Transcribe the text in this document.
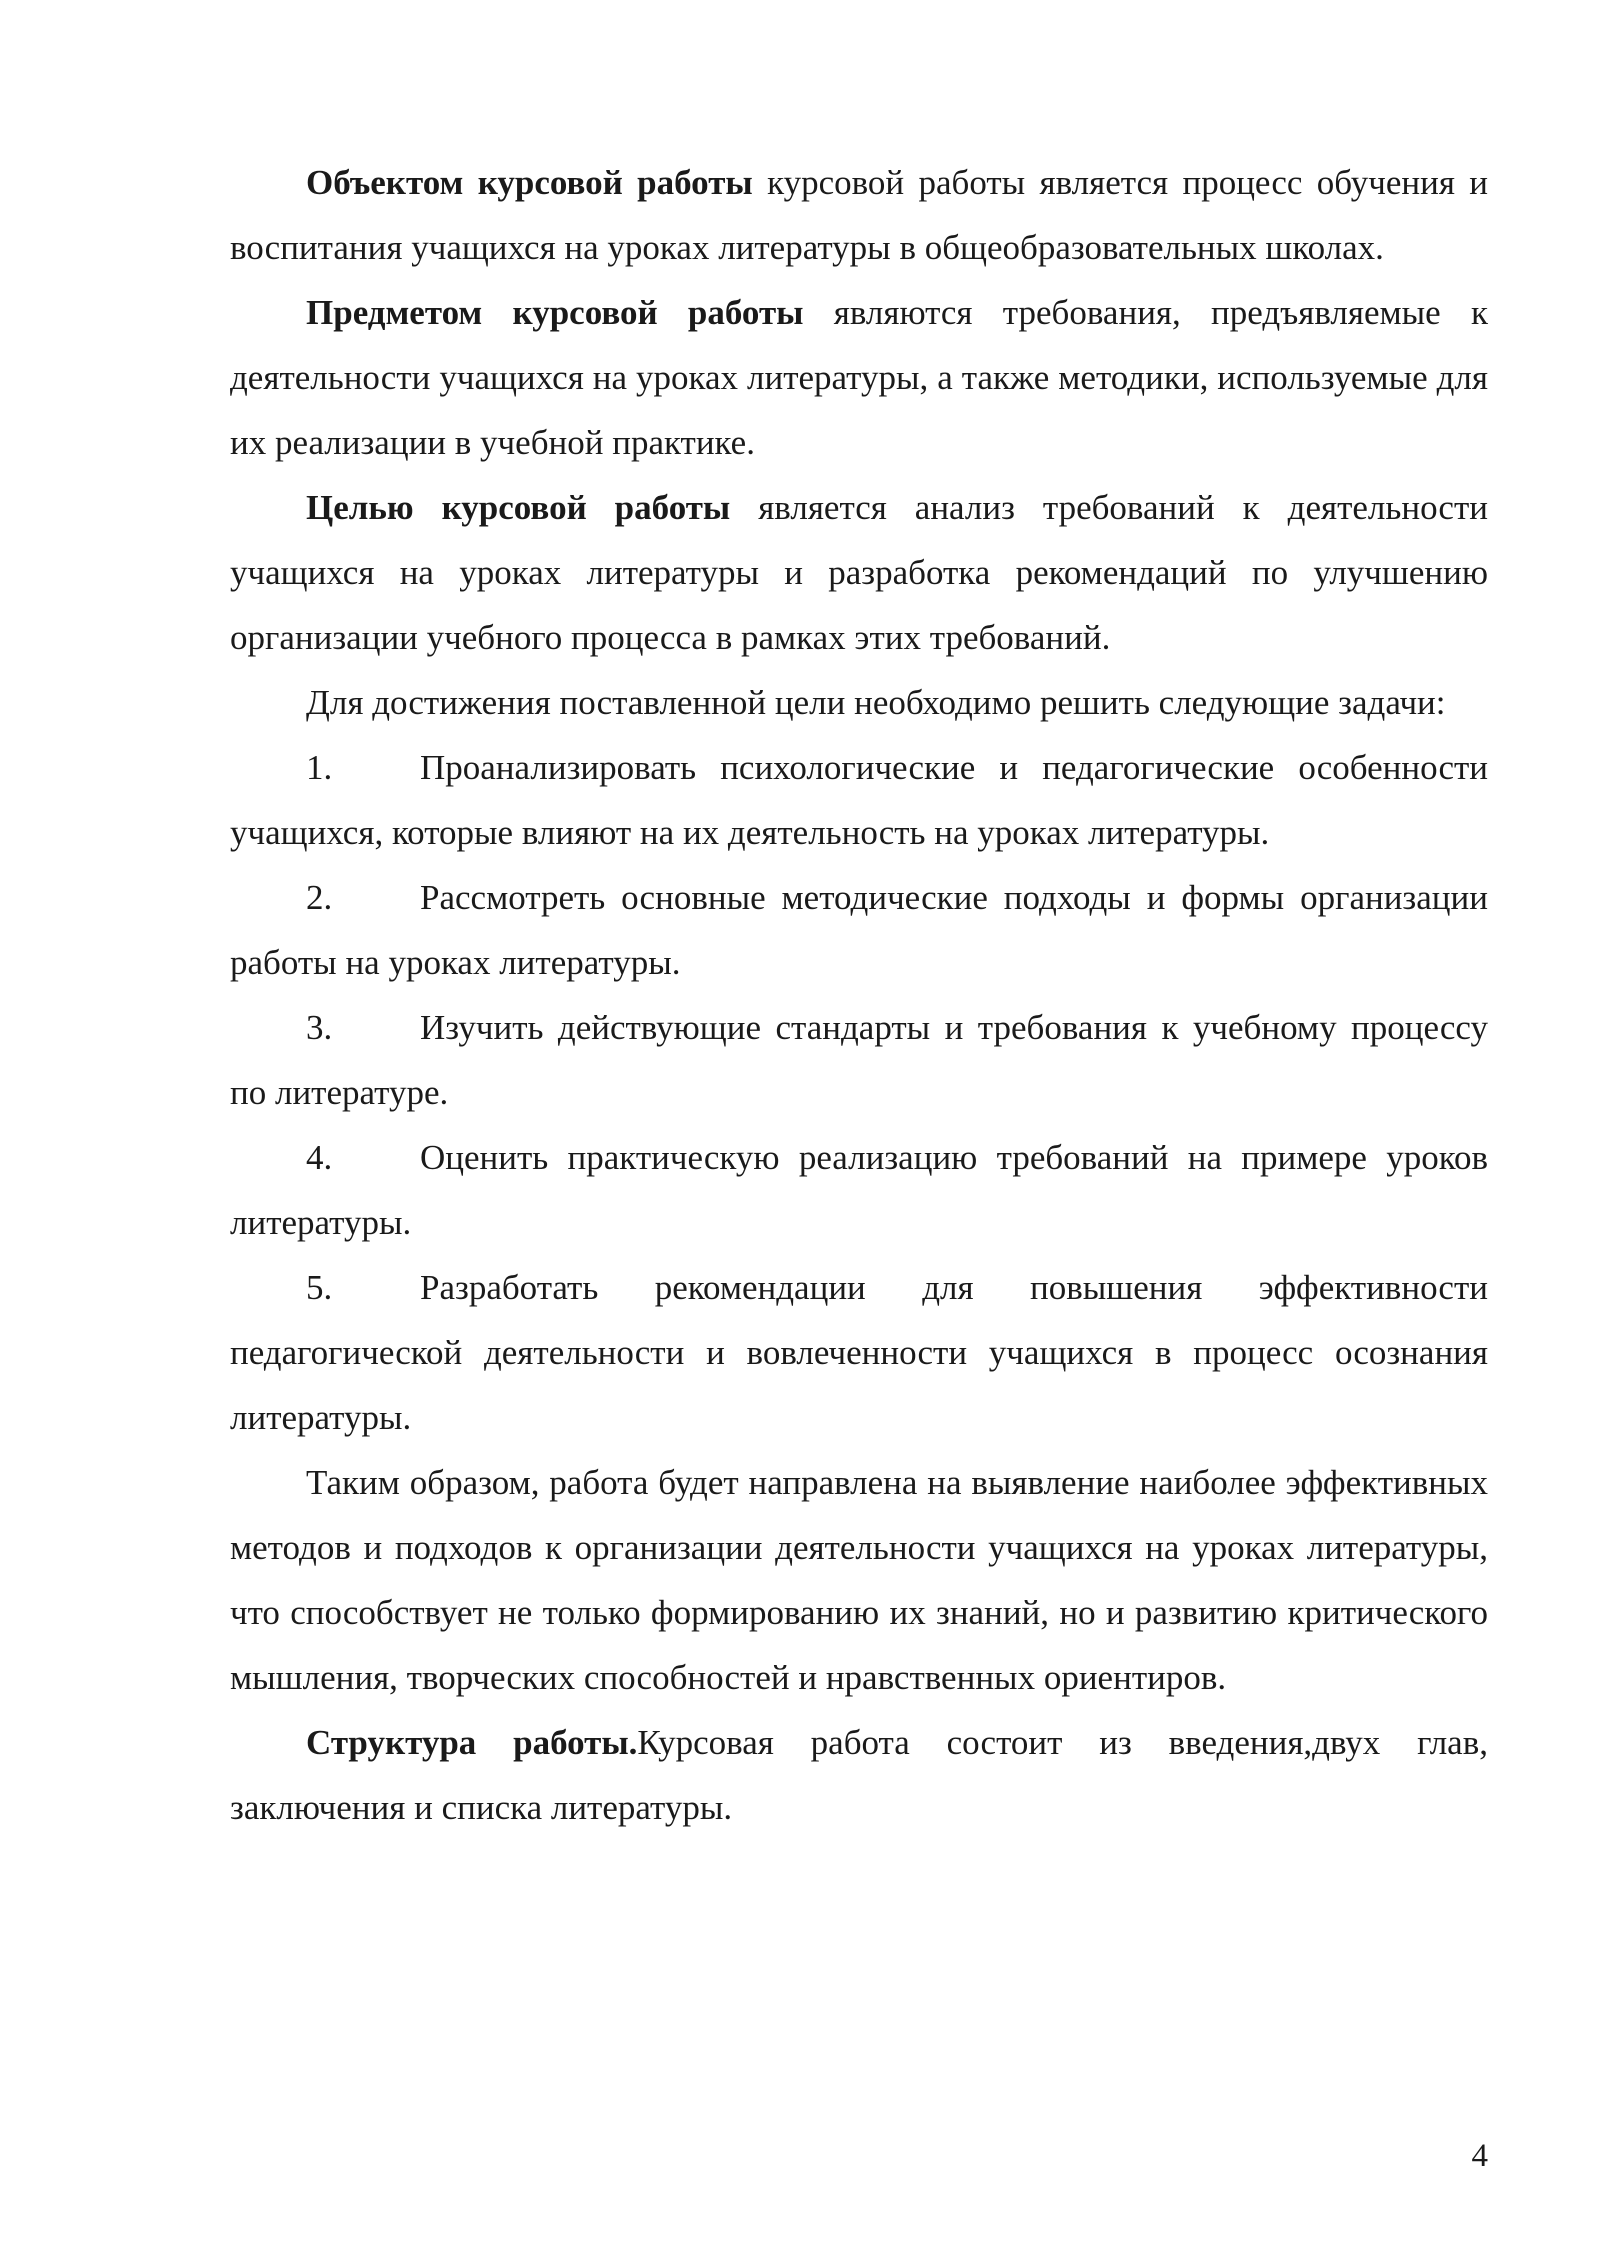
Объектом курсовой работы курсовой работы является процесс обучения и воспитания учащихся на уроках литературы в общеобразовательных школах.

Предметом курсовой работы являются требования, предъявляемые к деятельности учащихся на уроках литературы, а также методики, используемые для их реализации в учебной практике.

Целью курсовой работы является анализ требований к деятельности учащихся на уроках литературы и разработка рекомендаций по улучшению организации учебного процесса в рамках этих требований.

Для достижения поставленной цели необходимо решить следующие задачи:

1.	Проанализировать психологические и педагогические особенности учащихся, которые влияют на их деятельность на уроках литературы.

2.	Рассмотреть основные методические подходы и формы организации работы на уроках литературы.

3.	Изучить действующие стандарты и требования к учебному процессу по литературе.

4.	Оценить практическую реализацию требований на примере уроков литературы.

5.	Разработать рекомендации для повышения эффективности педагогической деятельности и вовлеченности учащихся в процесс осознания литературы.

Таким образом, работа будет направлена на выявление наиболее эффективных методов и подходов к организации деятельности учащихся на уроках литературы, что способствует не только формированию их знаний, но и развитию критического мышления, творческих способностей и нравственных ориентиров.

Структура работы.Курсовая работа состоит из введения,двух глав, заключения и списка литературы.

4
